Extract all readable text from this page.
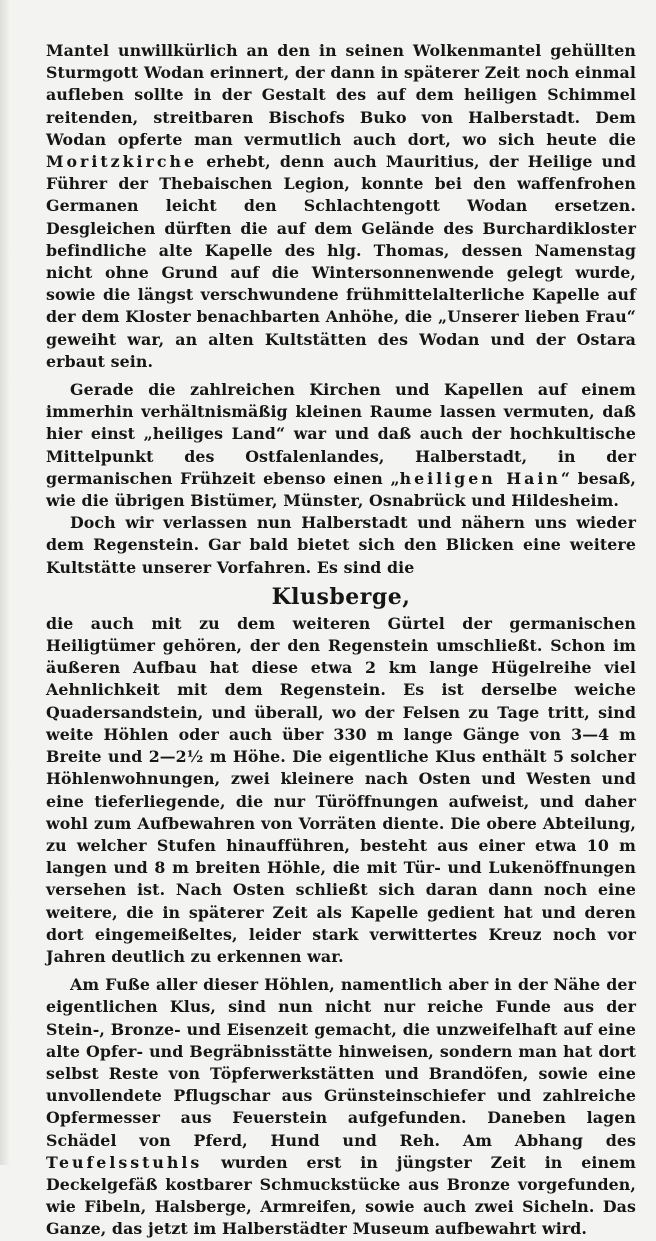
Mantel unwillkürlich an den in seinen Wolkenmantel gehüllten Sturmgott Wodan erinnert, der dann in späterer Zeit noch einmal aufleben sollte in der Gestalt des auf dem heiligen Schimmel reitenden, streitbaren Bischofs Buko von Halberstadt. Dem Wodan opferte man vermutlich auch dort, wo sich heute die Moritzkirche erhebt, denn auch Mauritius, der Heilige und Führer der Thebaischen Legion, konnte bei den waffenfrohen Germanen leicht den Schlachtengott Wodan ersetzen. Desgleichen dürften die auf dem Gelände des Burchardikloster befindliche alte Kapelle des hlg. Thomas, dessen Namenstag nicht ohne Grund auf die Wintersonnenwende gelegt wurde, sowie die längst verschwundene frühmittelalterliche Kapelle auf der dem Kloster benachbarten Anhöhe, die „Unserer lieben Frau“ geweiht war, an alten Kultstätten des Wodan und der Ostara erbaut sein.

Gerade die zahlreichen Kirchen und Kapellen auf einem immerhin verhältnismäßig kleinen Raume lassen vermuten, daß hier einst „heiliges Land“ war und daß auch der hochkultische Mittelpunkt des Ostfalenlandes, Halberstadt, in der germanischen Frühzeit ebenso einen „heiligen Hain“ besaß, wie die übrigen Bistümer, Münster, Osnabrück und Hildesheim.

Doch wir verlassen nun Halberstadt und nähern uns wieder dem Regenstein. Gar bald bietet sich den Blicken eine weitere Kultstätte unserer Vorfahren. Es sind die

Klusberge,

die auch mit zu dem weiteren Gürtel der germanischen Heiligtümer gehören, der den Regenstein umschließt. Schon im äußeren Aufbau hat diese etwa 2 km lange Hügelreihe viel Aehnlichkeit mit dem Regenstein. Es ist derselbe weiche Quadersandstein, und überall, wo der Felsen zu Tage tritt, sind weite Höhlen oder auch über 330 m lange Gänge von 3—4 m Breite und 2—2½ m Höhe. Die eigentliche Klus enthält 5 solcher Höhlenwohnungen, zwei kleinere nach Osten und Westen und eine tieferliegende, die nur Türöffnungen aufweist, und daher wohl zum Aufbewahren von Vorräten diente. Die obere Abteilung, zu welcher Stufen hinaufführen, besteht aus einer etwa 10 m langen und 8 m breiten Höhle, die mit Tür- und Lukenöffnungen versehen ist. Nach Osten schließt sich daran dann noch eine weitere, die in späterer Zeit als Kapelle gedient hat und deren dort eingemeißeltes, leider stark verwittertes Kreuz noch vor Jahren deutlich zu erkennen war.

Am Fuße aller dieser Höhlen, namentlich aber in der Nähe der eigentlichen Klus, sind nun nicht nur reiche Funde aus der Stein-, Bronze- und Eisenzeit gemacht, die unzweifelhaft auf eine alte Opfer- und Begräbnisstätte hinweisen, sondern man hat dort selbst Reste von Töpferwerkstätten und Brandöfen, sowie eine unvollendete Pflugschar aus Grünsteinschiefer und zahlreiche Opfermesser aus Feuerstein aufgefunden. Daneben lagen Schädel von Pferd, Hund und Reh. Am Abhang des Teufelsstuhls wurden erst in jüngster Zeit in einem Deckelgefäß kostbarer Schmuckstücke aus Bronze vorgefunden, wie Fibeln, Halsberge, Armreifen, sowie auch zwei Sicheln. Das Ganze, das jetzt im Halberstädter Museum aufbewahrt wird.
